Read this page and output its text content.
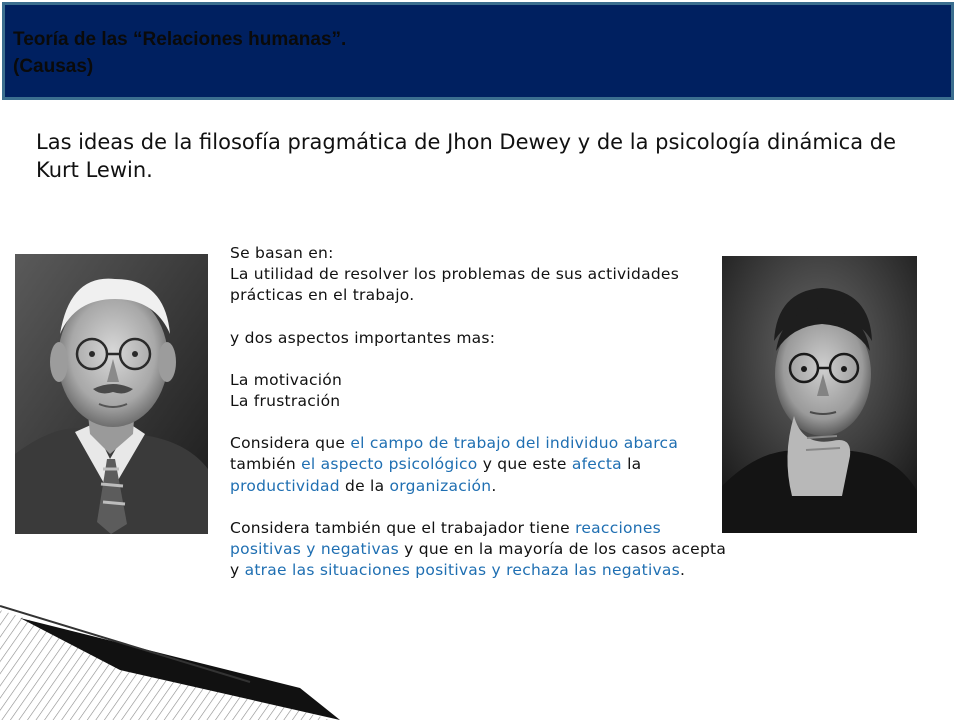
Teoría de las “Relaciones humanas”.
(Causas)
Las ideas de la filosofía pragmática de Jhon Dewey y de la psicología dinámica de Kurt Lewin.

Se basan en:

La utilidad de resolver los problemas de sus actividades prácticas en el trabajo.

y dos aspectos importantes mas:

La motivación

La frustración

Considera que el campo de trabajo del individuo abarca también el aspecto psicológico y que este afecta la productividad de la organización.

Considera también que el trabajador tiene reacciones positivas y negativas y que en la mayoría de los casos acepta y atrae las situaciones positivas y rechaza las negativas.
